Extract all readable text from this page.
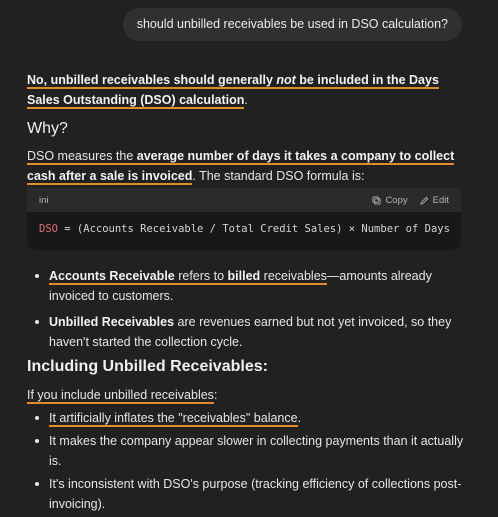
should unbilled receivables be used in DSO calculation?
No, unbilled receivables should generally not be included in the Days Sales Outstanding (DSO) calculation.
Why?
DSO measures the average number of days it takes a company to collect cash after a sale is invoiced. The standard DSO formula is:
ini	Copy	Edit
DSO = (Accounts Receivable / Total Credit Sales) × Number of Days
Accounts Receivable refers to billed receivables—amounts already invoiced to customers.
Unbilled Receivables are revenues earned but not yet invoiced, so they haven't started the collection cycle.
Including Unbilled Receivables:
If you include unbilled receivables:
It artificially inflates the "receivables" balance.
It makes the company appear slower in collecting payments than it actually is.
It's inconsistent with DSO's purpose (tracking efficiency of collections post-invoicing).
